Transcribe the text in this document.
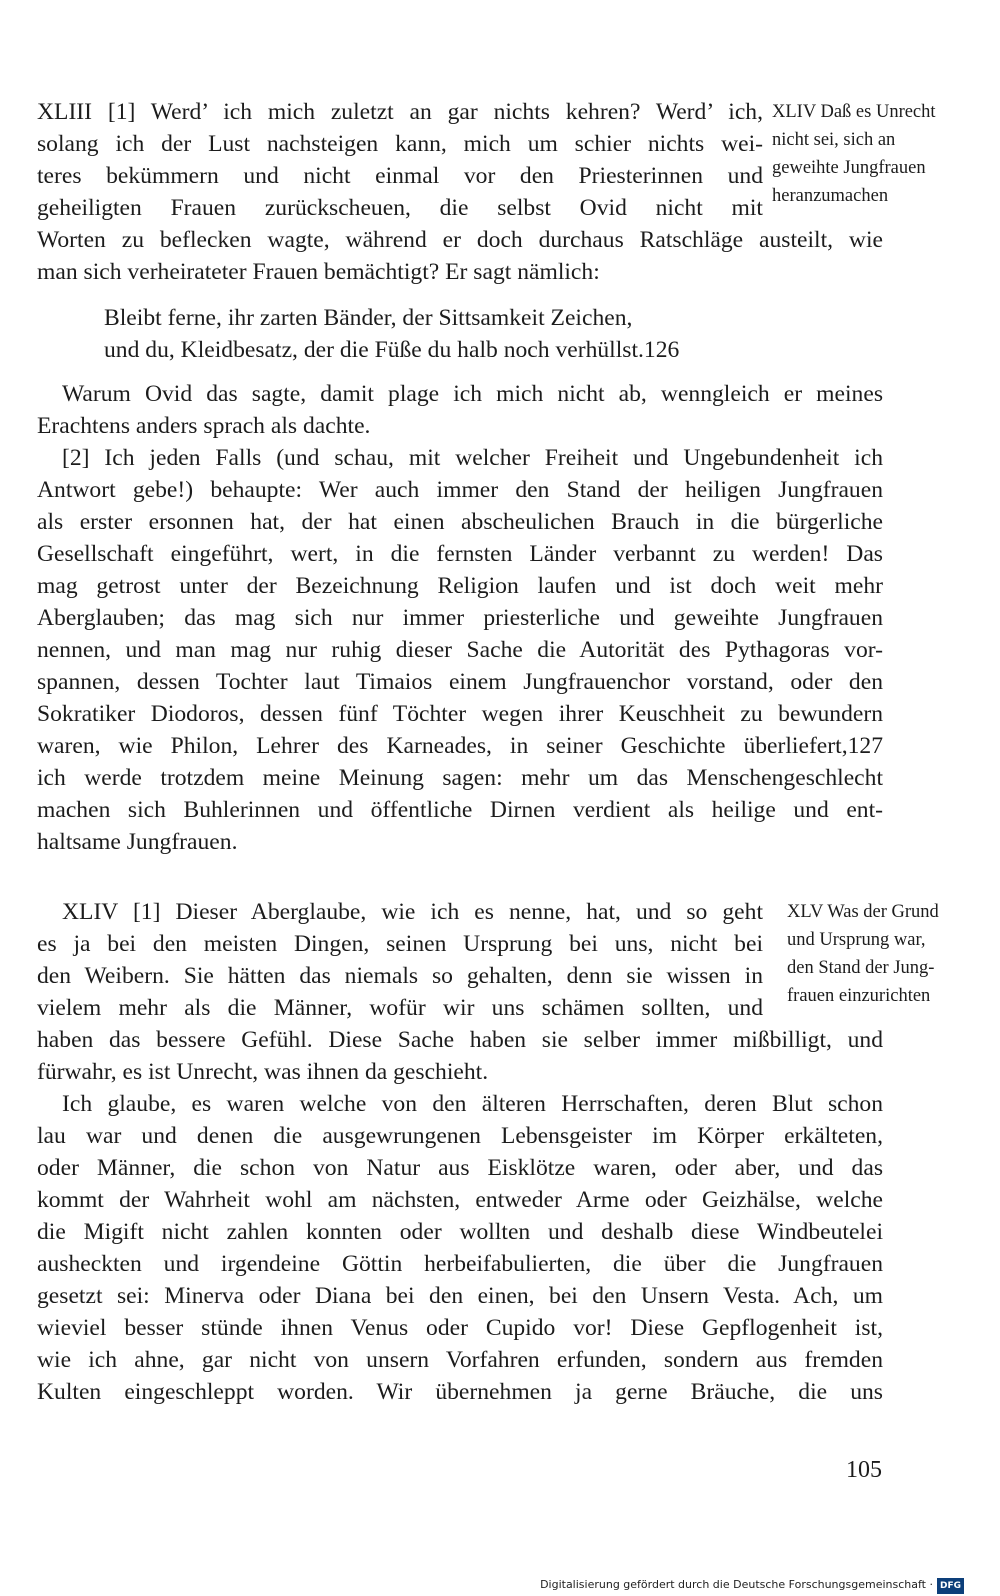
XLIII [1] Werd’ ich mich zuletzt an gar nichts kehren? Werd’ ich,
solang ich der Lust nachsteigen kann, mich um schier nichts wei-
teres bekümmern und nicht einmal vor den Priesterinnen und
geheiligten Frauen zurückscheuen, die selbst Ovid nicht mit
Worten zu beflecken wagte, während er doch durchaus Ratschläge austeilt, wie
man sich verheirateter Frauen bemächtigt? Er sagt nämlich:
XLIV Daß es Unrecht
nicht sei, sich an
geweihte Jungfrauen
heranzumachen
Bleibt ferne, ihr zarten Bänder, der Sittsamkeit Zeichen,
und du, Kleidbesatz, der die Füße du halb noch verhüllst.126
Warum Ovid das sagte, damit plage ich mich nicht ab, wenngleich er meines
Erachtens anders sprach als dachte.
[2] Ich jeden Falls (und schau, mit welcher Freiheit und Ungebundenheit ich
Antwort gebe!) behaupte: Wer auch immer den Stand der heiligen Jungfrauen
als erster ersonnen hat, der hat einen abscheulichen Brauch in die bürgerliche
Gesellschaft eingeführt, wert, in die fernsten Länder verbannt zu werden! Das
mag getrost unter der Bezeichnung Religion laufen und ist doch weit mehr
Aberglauben; das mag sich nur immer priesterliche und geweihte Jungfrauen
nennen, und man mag nur ruhig dieser Sache die Autorität des Pythagoras vor-
spannen, dessen Tochter laut Timaios einem Jungfrauenchor vorstand, oder den
Sokratiker Diodoros, dessen fünf Töchter wegen ihrer Keuschheit zu bewundern
waren, wie Philon, Lehrer des Karneades, in seiner Geschichte überliefert,127
ich werde trotzdem meine Meinung sagen: mehr um das Menschengeschlecht
machen sich Buhlerinnen und öffentliche Dirnen verdient als heilige und ent-
haltsame Jungfrauen.
XLIV [1] Dieser Aberglaube, wie ich es nenne, hat, und so geht
es ja bei den meisten Dingen, seinen Ursprung bei uns, nicht bei
den Weibern. Sie hätten das niemals so gehalten, denn sie wissen in
vielem mehr als die Männer, wofür wir uns schämen sollten, und
haben das bessere Gefühl. Diese Sache haben sie selber immer mißbilligt, und
fürwahr, es ist Unrecht, was ihnen da geschieht.
XLV Was der Grund
und Ursprung war,
den Stand der Jung-
frauen einzurichten
Ich glaube, es waren welche von den älteren Herrschaften, deren Blut schon
lau war und denen die ausgewrungenen Lebensgeister im Körper erkälteten,
oder Männer, die schon von Natur aus Eisklötze waren, oder aber, und das
kommt der Wahrheit wohl am nächsten, entweder Arme oder Geizhälse, welche
die Migift nicht zahlen konnten oder wollten und deshalb diese Windbeutelei
ausheckten und irgendeine Göttin herbeifabulierten, die über die Jungfrauen
gesetzt sei: Minerva oder Diana bei den einen, bei den Unsern Vesta. Ach, um
wieviel besser stünde ihnen Venus oder Cupido vor! Diese Gepflogenheit ist,
wie ich ahne, gar nicht von unsern Vorfahren erfunden, sondern aus fremden
Kulten eingeschleppt worden. Wir übernehmen ja gerne Bräuche, die uns
105
Digitalisierung gefördert durch die Deutsche Forschungsgemeinschaft · DFG
